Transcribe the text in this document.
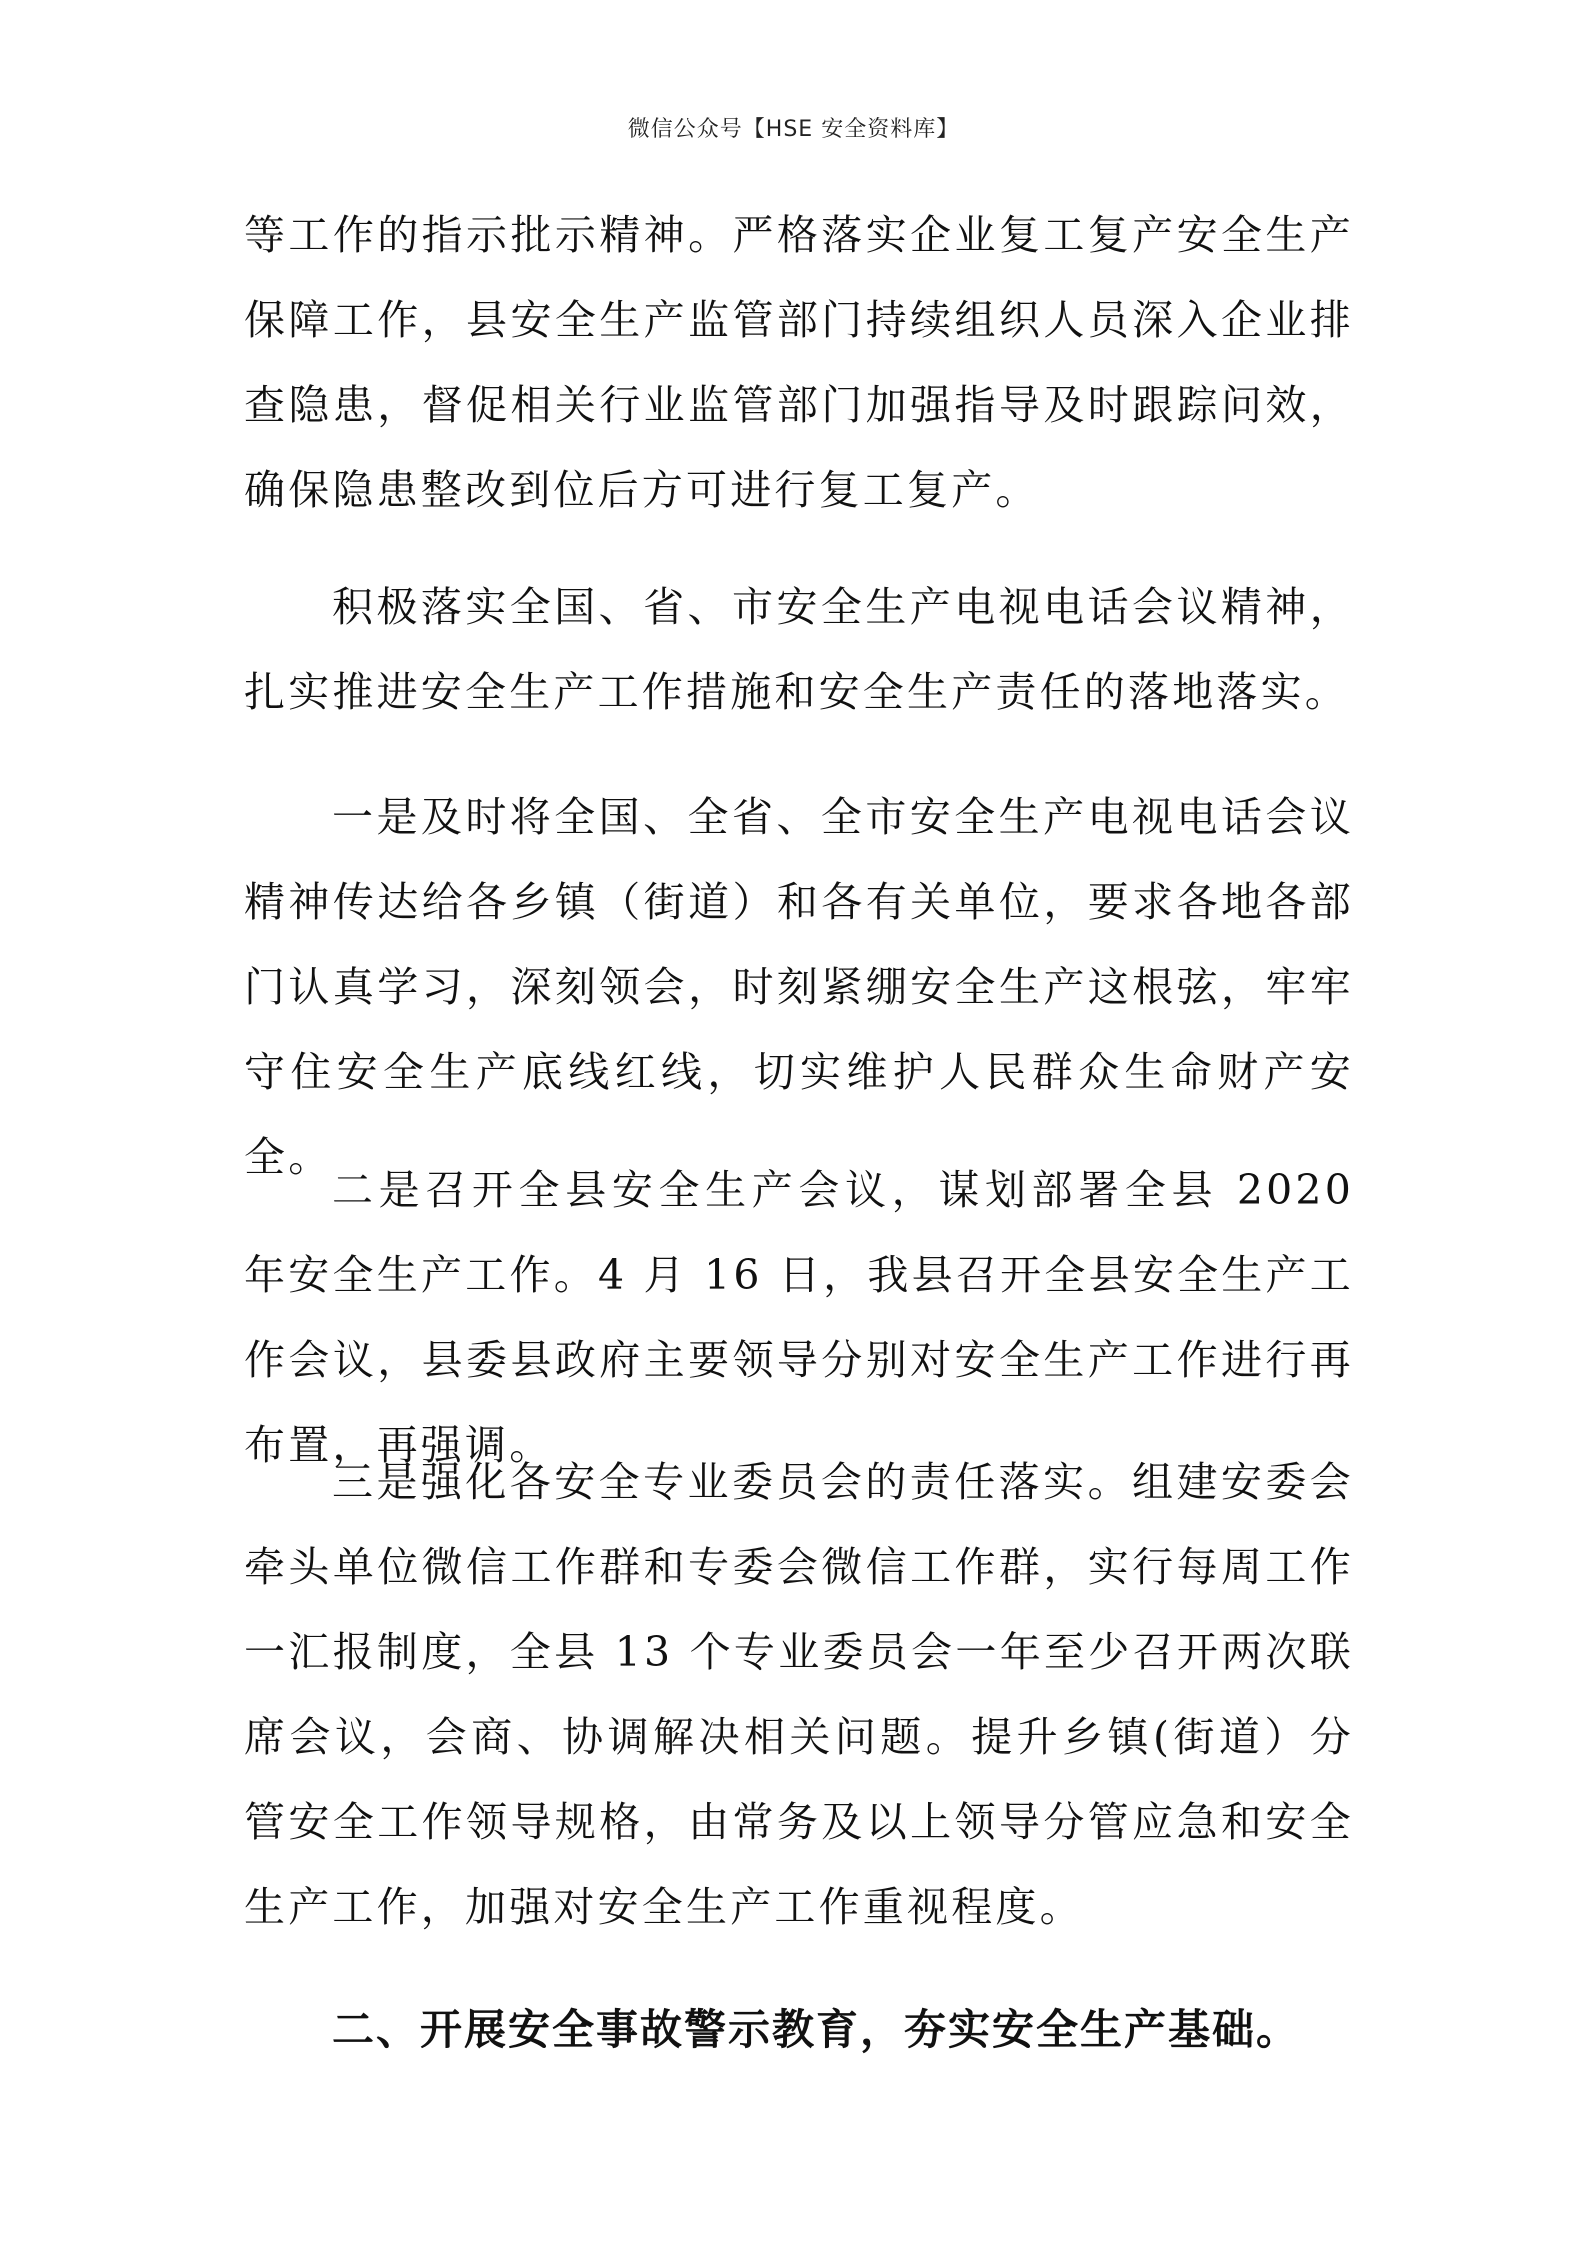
微信公众号【HSE 安全资料库】

等工作的指示批示精神。严格落实企业复工复产安全生产保障工作，县安全生产监管部门持续组织人员深入企业排查隐患，督促相关行业监管部门加强指导及时跟踪问效，确保隐患整改到位后方可进行复工复产。

积极落实全国、省、市安全生产电视电话会议精神，扎实推进安全生产工作措施和安全生产责任的落地落实。

一是及时将全国、全省、全市安全生产电视电话会议精神传达给各乡镇（街道）和各有关单位，要求各地各部门认真学习，深刻领会，时刻紧绷安全生产这根弦，牢牢守住安全生产底线红线，切实维护人民群众生命财产安全。

二是召开全县安全生产会议，谋划部署全县 2020 年安全生产工作。4 月 16 日，我县召开全县安全生产工作会议，县委县政府主要领导分别对安全生产工作进行再布置，再强调。

三是强化各安全专业委员会的责任落实。组建安委会牵头单位微信工作群和专委会微信工作群，实行每周工作一汇报制度，全县 13 个专业委员会一年至少召开两次联席会议，会商、协调解决相关问题。提升乡镇(街道）分管安全工作领导规格，由常务及以上领导分管应急和安全生产工作，加强对安全生产工作重视程度。

二、开展安全事故警示教育，夯实安全生产基础。
